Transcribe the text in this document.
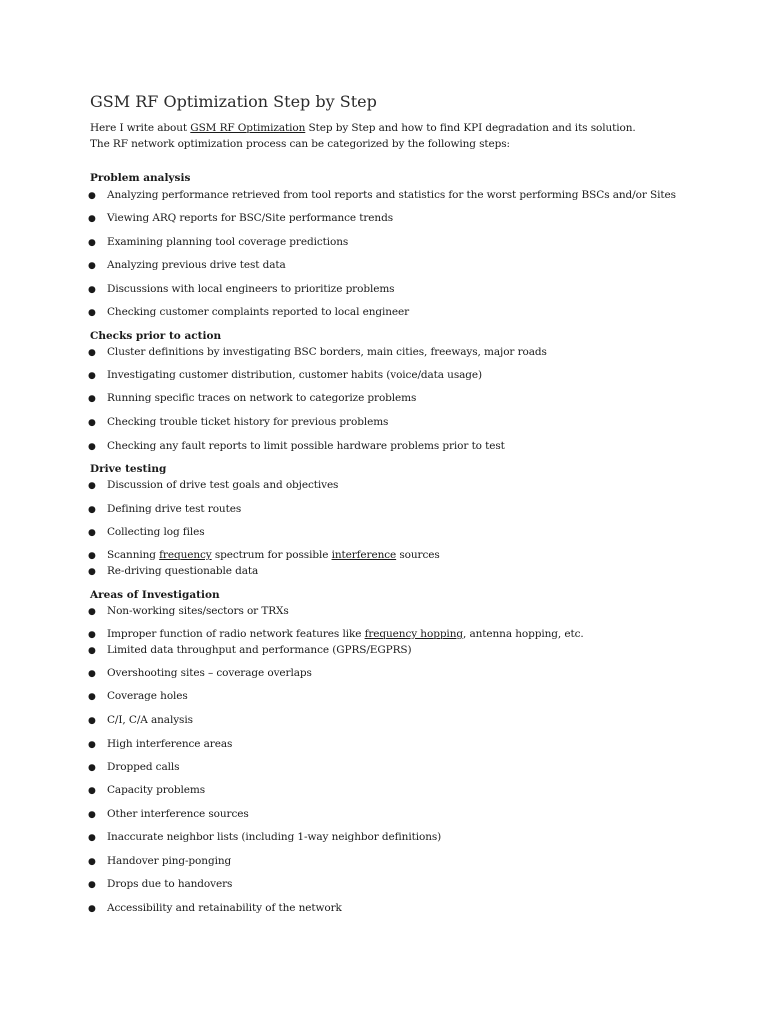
GSM RF Optimization Step by Step
Here I write about GSM RF Optimization Step by Step and how to find KPI degradation and its solution.
The RF network optimization process can be categorized by the following steps:
Problem analysis
● Analyzing performance retrieved from tool reports and statistics for the worst performing BSCs and/or Sites
● Viewing ARQ reports for BSC/Site performance trends
● Examining planning tool coverage predictions
● Analyzing previous drive test data
● Discussions with local engineers to prioritize problems
● Checking customer complaints reported to local engineer
Checks prior to action
● Cluster definitions by investigating BSC borders, main cities, freeways, major roads
● Investigating customer distribution, customer habits (voice/data usage)
● Running specific traces on network to categorize problems
● Checking trouble ticket history for previous problems
● Checking any fault reports to limit possible hardware problems prior to test
Drive testing
● Discussion of drive test goals and objectives
● Defining drive test routes
● Collecting log files
● Scanning frequency spectrum for possible interference sources
● Re-driving questionable data
Areas of Investigation
● Non-working sites/sectors or TRXs
● Improper function of radio network features like frequency hopping, antenna hopping, etc.
● Limited data throughput and performance (GPRS/EGPRS)
● Overshooting sites – coverage overlaps
● Coverage holes
● C/I, C/A analysis
● High interference areas
● Dropped calls
● Capacity problems
● Other interference sources
● Inaccurate neighbor lists (including 1-way neighbor definitions)
● Handover ping-ponging
● Drops due to handovers
● Accessibility and retainability of the network
